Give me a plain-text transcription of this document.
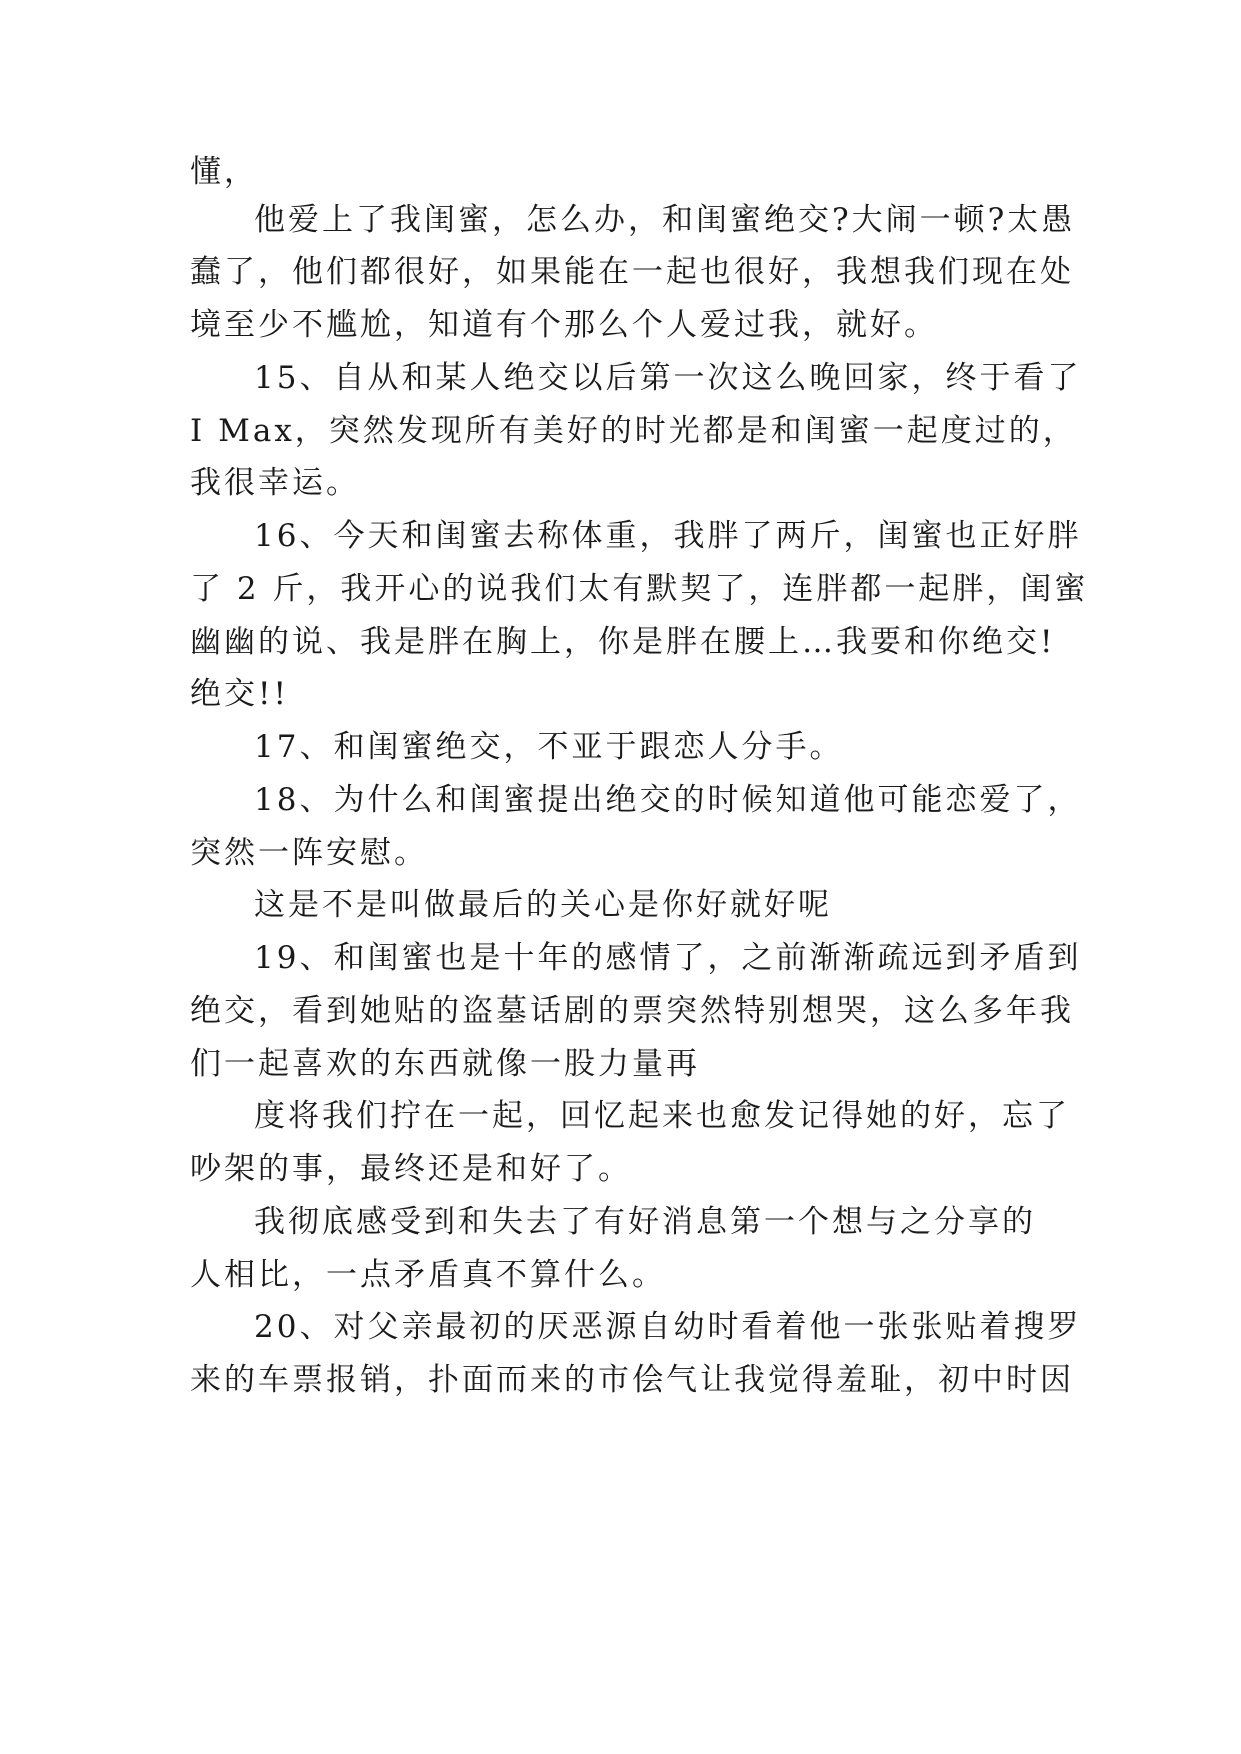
懂，
他爱上了我闺蜜，怎么办，和闺蜜绝交?大闹一顿?太愚
蠢了，他们都很好，如果能在一起也很好，我想我们现在处
境至少不尴尬，知道有个那么个人爱过我，就好。
15、自从和某人绝交以后第一次这么晚回家，终于看了
I Max，突然发现所有美好的时光都是和闺蜜一起度过的，
我很幸运。
16、今天和闺蜜去称体重，我胖了两斤，闺蜜也正好胖
了 2 斤，我开心的说我们太有默契了，连胖都一起胖，闺蜜
幽幽的说、我是胖在胸上，你是胖在腰上…我要和你绝交!
绝交!!
17、和闺蜜绝交，不亚于跟恋人分手。
18、为什么和闺蜜提出绝交的时候知道他可能恋爱了，
突然一阵安慰。
这是不是叫做最后的关心是你好就好呢
19、和闺蜜也是十年的感情了，之前渐渐疏远到矛盾到
绝交，看到她贴的盗墓话剧的票突然特别想哭，这么多年我
们一起喜欢的东西就像一股力量再
度将我们拧在一起，回忆起来也愈发记得她的好，忘了
吵架的事，最终还是和好了。
我彻底感受到和失去了有好消息第一个想与之分享的
人相比，一点矛盾真不算什么。
20、对父亲最初的厌恶源自幼时看着他一张张贴着搜罗
来的车票报销，扑面而来的市侩气让我觉得羞耻，初中时因
